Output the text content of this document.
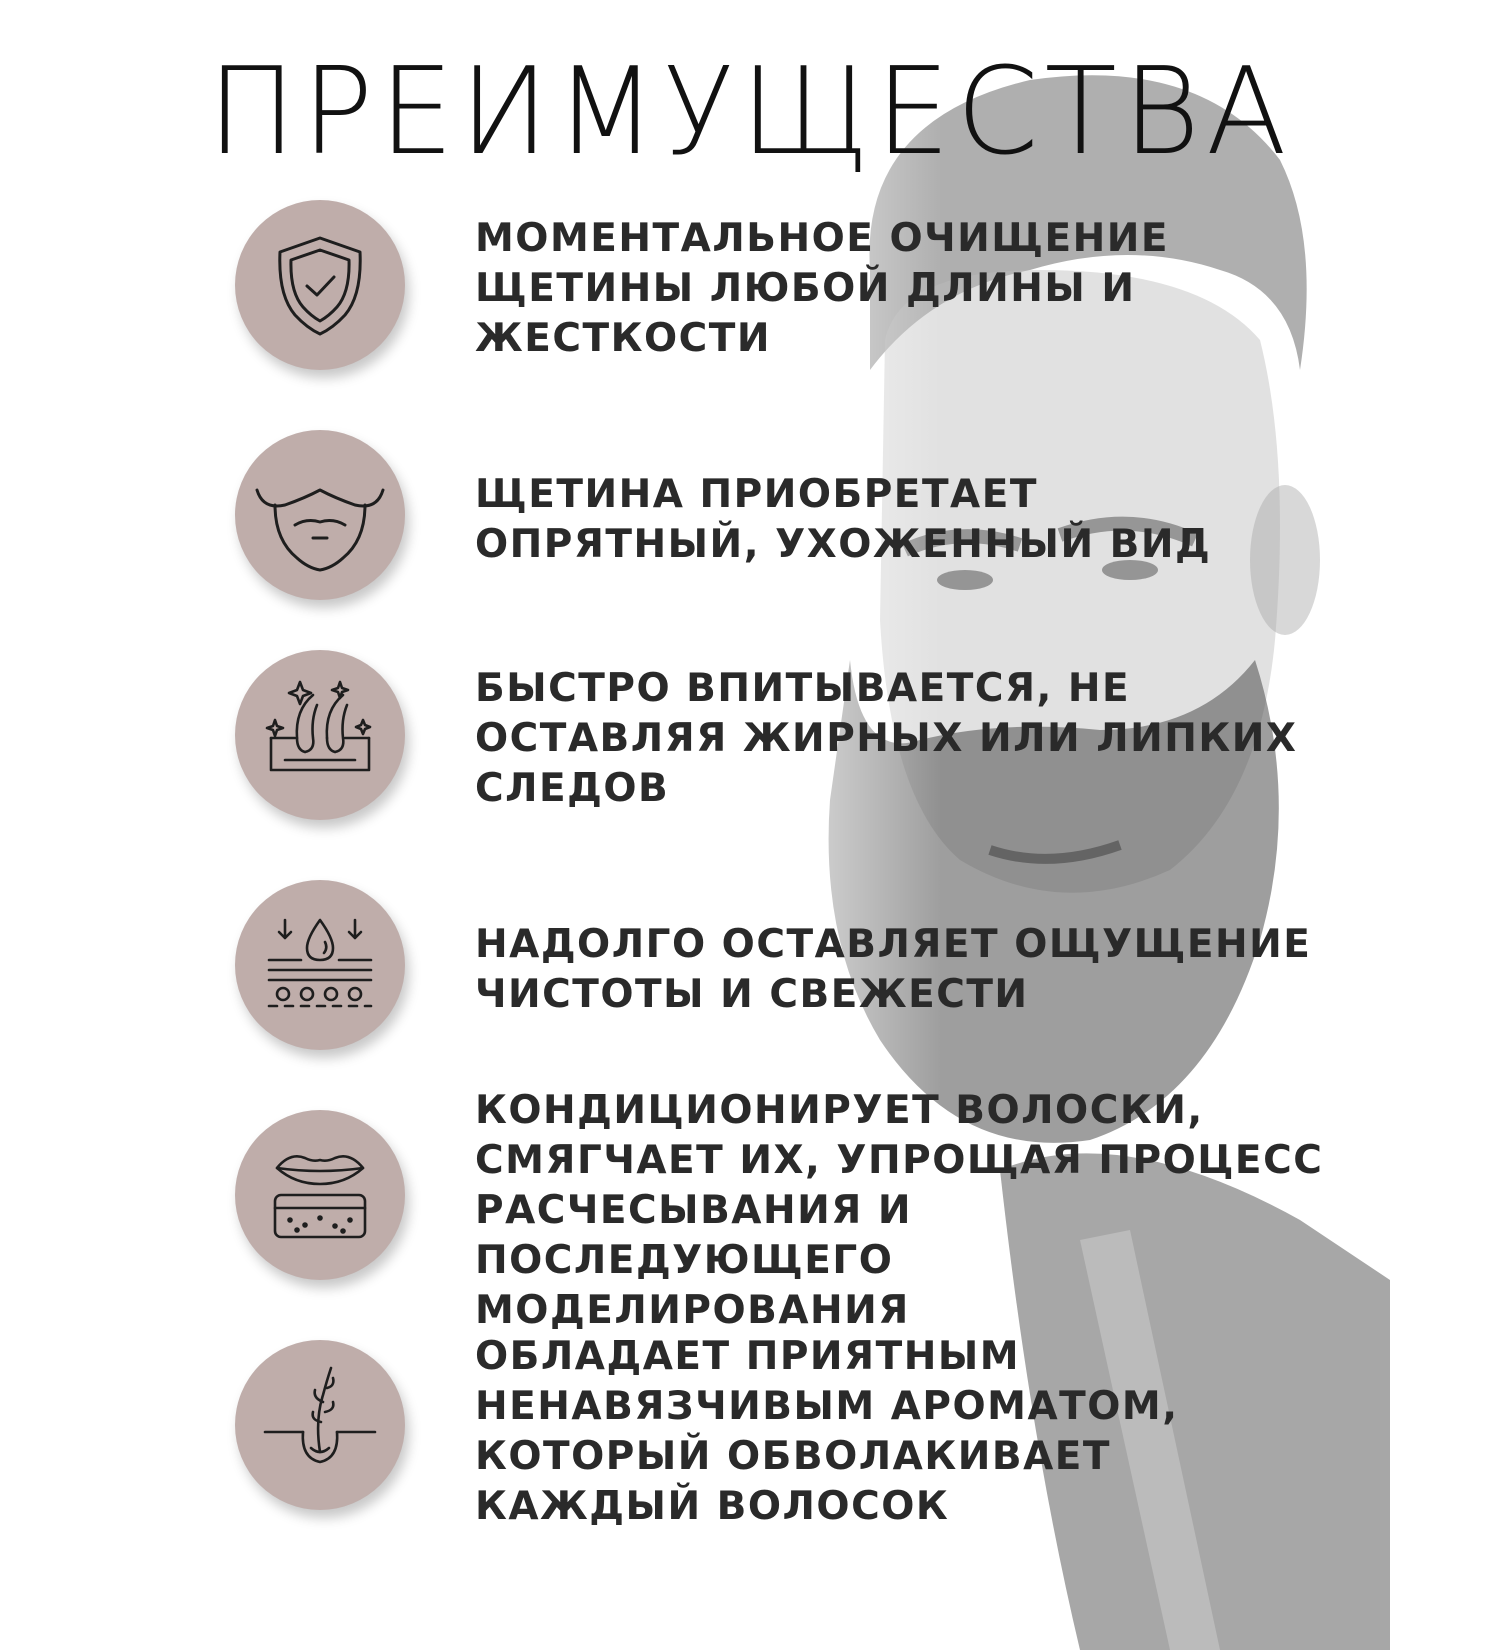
ПРЕИМУЩЕСТВА
МОМЕНТАЛЬНОЕ ОЧИЩЕНИЕ
ЩЕТИНЫ ЛЮБОЙ ДЛИНЫ И
ЖЕСТКОСТИ
ЩЕТИНА ПРИОБРЕТАЕТ
ОПРЯТНЫЙ, УХОЖЕННЫЙ ВИД
БЫСТРО ВПИТЫВАЕТСЯ, НЕ
ОСТАВЛЯЯ ЖИРНЫХ ИЛИ ЛИПКИХ
СЛЕДОВ
НАДОЛГО ОСТАВЛЯЕТ ОЩУЩЕНИЕ
ЧИСТОТЫ И СВЕЖЕСТИ
КОНДИЦИОНИРУЕТ ВОЛОСКИ,
СМЯГЧАЕТ ИХ, УПРОЩАЯ ПРОЦЕСС
РАСЧЕСЫВАНИЯ И
ПОСЛЕДУЮЩЕГО
МОДЕЛИРОВАНИЯ
ОБЛАДАЕТ ПРИЯТНЫМ
НЕНАВЯЗЧИВЫМ АРОМАТОМ,
КОТОРЫЙ ОБВОЛАКИВАЕТ
КАЖДЫЙ ВОЛОСОК
